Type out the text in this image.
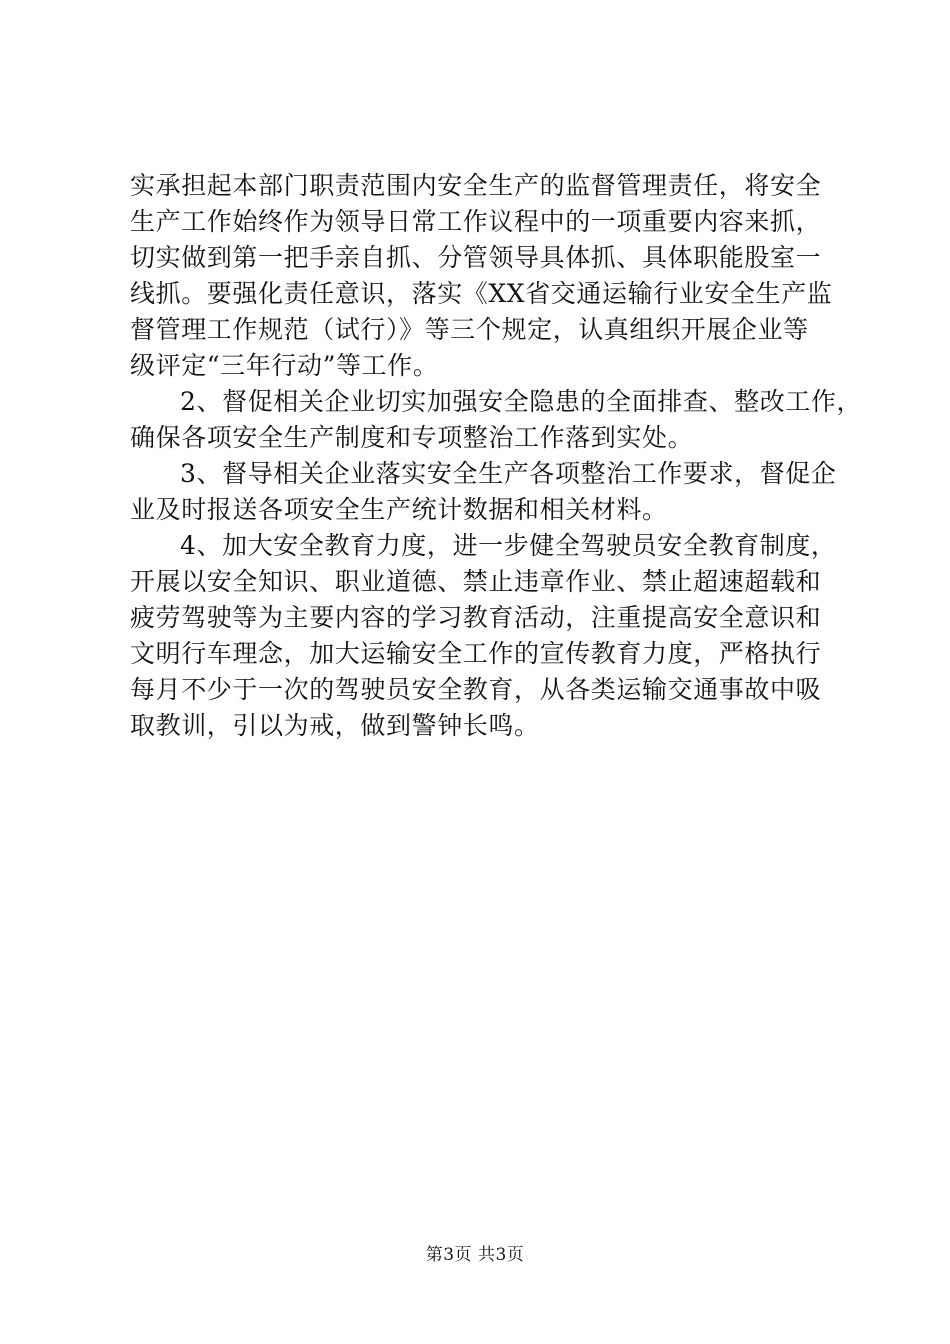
实承担起本部门职责范围内安全生产的监督管理责任，将安全
生产工作始终作为领导日常工作议程中的一项重要内容来抓，
切实做到第一把手亲自抓、分管领导具体抓、具体职能股室一
线抓。要强化责任意识，落实《XX省交通运输行业安全生产监
督管理工作规范（试行）》等三个规定，认真组织开展企业等
级评定“三年行动”等工作。
2、督促相关企业切实加强安全隐患的全面排查、整改工作，
确保各项安全生产制度和专项整治工作落到实处。
3、督导相关企业落实安全生产各项整治工作要求，督促企
业及时报送各项安全生产统计数据和相关材料。
4、加大安全教育力度，进一步健全驾驶员安全教育制度，
开展以安全知识、职业道德、禁止违章作业、禁止超速超载和
疲劳驾驶等为主要内容的学习教育活动，注重提高安全意识和
文明行车理念，加大运输安全工作的宣传教育力度，严格执行
每月不少于一次的驾驶员安全教育，从各类运输交通事故中吸
取教训，引以为戒，做到警钟长鸣。
第3页 共3页
